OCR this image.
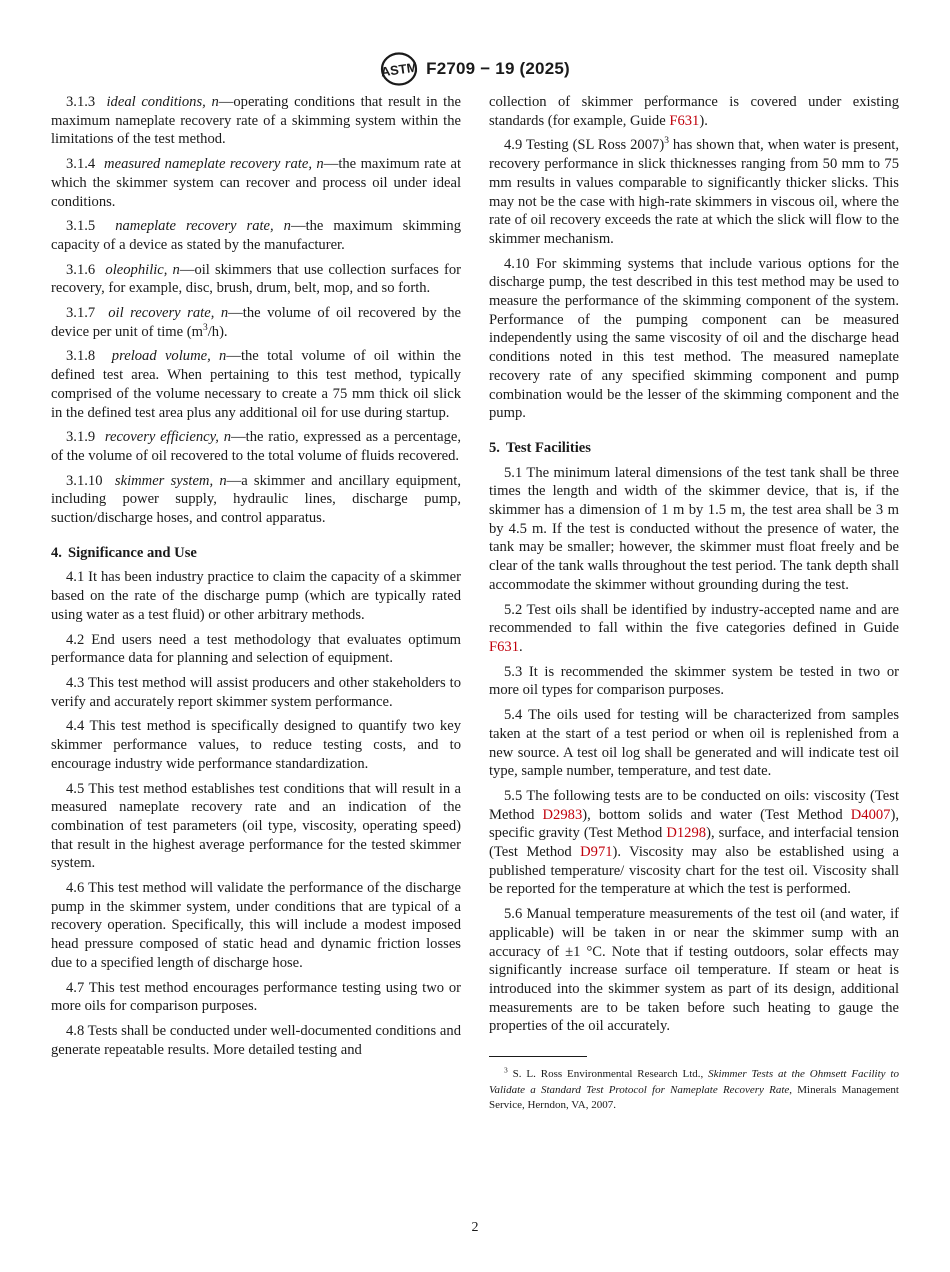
ASTM F2709 − 19 (2025)

3.1.3 ideal conditions, n—operating conditions that result in the maximum nameplate recovery rate of a skimming system within the limitations of the test method.

3.1.4 measured nameplate recovery rate, n—the maximum rate at which the skimmer system can recover and process oil under ideal conditions.

3.1.5 nameplate recovery rate, n—the maximum skimming capacity of a device as stated by the manufacturer.

3.1.6 oleophilic, n—oil skimmers that use collection surfaces for recovery, for example, disc, brush, drum, belt, mop, and so forth.

3.1.7 oil recovery rate, n—the volume of oil recovered by the device per unit of time $(m^3/h)$.

3.1.8 preload volume, n—the total volume of oil within the defined test area. When pertaining to this test method, typically comprised of the volume necessary to create a 75 mm thick oil slick in the defined test area plus any additional oil for use during startup.

3.1.9 recovery efficiency, n—the ratio, expressed as a percentage, of the volume of oil recovered to the total volume of fluids recovered.

3.1.10 skimmer system, n—a skimmer and ancillary equipment, including power supply, hydraulic lines, discharge pump, suction/discharge hoses, and control apparatus.

4. Significance and Use

4.1 It has been industry practice to claim the capacity of a skimmer based on the rate of the discharge pump (which are typically rated using water as a test fluid) or other arbitrary methods.

4.2 End users need a test methodology that evaluates optimum performance data for planning and selection of equipment.

4.3 This test method will assist producers and other stakeholders to verify and accurately report skimmer system performance.

4.4 This test method is specifically designed to quantify two key skimmer performance values, to reduce testing costs, and to encourage industry wide performance standardization.

4.5 This test method establishes test conditions that will result in a measured nameplate recovery rate and an indication of the combination of test parameters (oil type, viscosity, operating speed) that result in the highest average performance for the tested skimmer system.

4.6 This test method will validate the performance of the discharge pump in the skimmer system, under conditions that are typical of a recovery operation. Specifically, this will include a modest imposed head pressure composed of static head and dynamic friction losses due to a specified length of discharge hose.

4.7 This test method encourages performance testing using two or more oils for comparison purposes.

4.8 Tests shall be conducted under well-documented conditions and generate repeatable results. More detailed testing and

collection of skimmer performance is covered under existing standards (for example, Guide F631).

4.9 Testing (SL Ross 2007)$^3$ has shown that, when water is present, recovery performance in slick thicknesses ranging from 50 mm to 75 mm results in values comparable to significantly thicker slicks. This may not be the case with high-rate skimmers in viscous oil, where the rate of oil recovery exceeds the rate at which the slick will flow to the skimmer mechanism.

4.10 For skimming systems that include various options for the discharge pump, the test described in this test method may be used to measure the performance of the skimming component of the system. Performance of the pumping component can be measured independently using the same viscosity of oil and the discharge head conditions noted in this test method. The measured nameplate recovery rate of any specified skimming component and pump combination would be the lesser of the skimming component and the pump.

5. Test Facilities

5.1 The minimum lateral dimensions of the test tank shall be three times the length and width of the skimmer device, that is, if the skimmer has a dimension of 1 m by 1.5 m, the test area shall be 3 m by 4.5 m. If the test is conducted without the presence of water, the tank may be smaller; however, the skimmer must float freely and be clear of the tank walls throughout the test period. The tank depth shall accommodate the skimmer without grounding during the test.

5.2 Test oils shall be identified by industry-accepted name and are recommended to fall within the five categories defined in Guide F631.

5.3 It is recommended the skimmer system be tested in two or more oil types for comparison purposes.

5.4 The oils used for testing will be characterized from samples taken at the start of a test period or when oil is replenished from a new source. A test oil log shall be generated and will indicate test oil type, sample number, temperature, and test date.

5.5 The following tests are to be conducted on oils: viscosity (Test Method D2983), bottom solids and water (Test Method D4007), specific gravity (Test Method D1298), surface, and interfacial tension (Test Method D971). Viscosity may also be established using a published temperature/ viscosity chart for the test oil. Viscosity shall be reported for the temperature at which the test is performed.

5.6 Manual temperature measurements of the test oil (and water, if applicable) will be taken in or near the skimmer sump with an accuracy of ±1 °C. Note that if testing outdoors, solar effects may significantly increase surface oil temperature. If steam or heat is introduced into the skimmer system as part of its design, additional measurements are to be taken before such heating to gauge the properties of the oil accurately.

$^3$ S. L. Ross Environmental Research Ltd., Skimmer Tests at the Ohmsett Facility to Validate a Standard Test Protocol for Nameplate Recovery Rate, Minerals Management Service, Herndon, VA, 2007.

2
